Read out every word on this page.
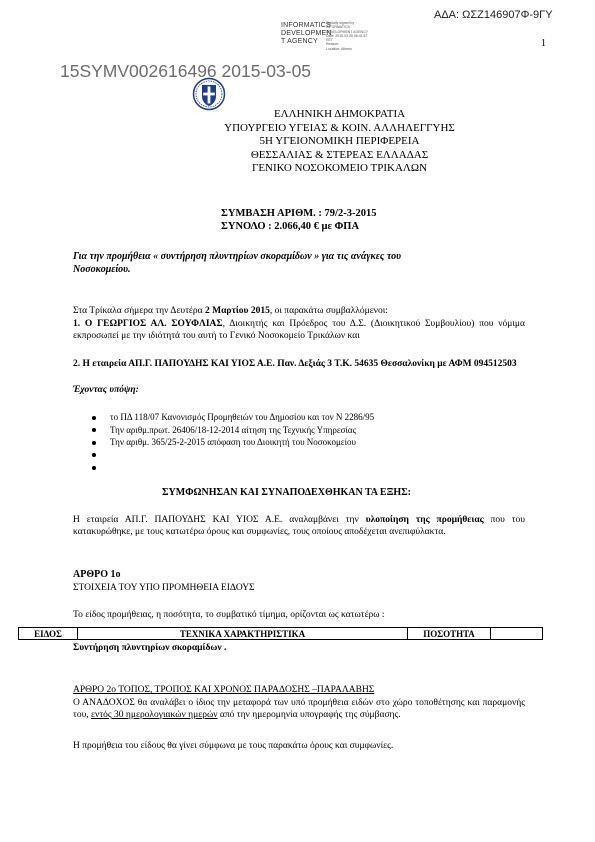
ΑΔΑ: ΩΣΖ146907Φ-9ΓΥ
1
INFORMATICS
DEVELOPMEN
T AGENCY
Digitally signed by
INFORMATICS
DEVELOPMENT AGENCY
Date: 2015.03.05 08:41:57
EET
Reason:
Location: Athens
15SYMV002616496 2015-03-05
ΕΛΛΗΝΙΚΗ ΔΗΜΟΚΡΑΤΙΑ
ΥΠΟΥΡΓΕΙΟ ΥΓΕΙΑΣ & ΚΟΙΝ. ΑΛΛΗΛΕΓΓΥΗΣ
5Η ΥΓΕΙΟΝΟΜΙΚΗ ΠΕΡΙΦΕΡΕΙΑ
ΘΕΣΣΑΛΙΑΣ & ΣΤΕΡΕΑΣ ΕΛΛΑΔΑΣ
ΓΕΝΙΚΟ ΝΟΣΟΚΟΜΕΙΟ ΤΡΙΚΑΛΩΝ
ΣΥΜΒΑΣΗ ΑΡΙΘΜ. : 79/2-3-2015
ΣΥΝΟΛΟ : 2.066,40 € με ΦΠΑ
Για την προμήθεια « συντήρηση πλυντηρίων σκοραμίδων » για τις ανάγκες του
Νοσοκομείου.
Στα Τρίκαλα σήμερα την Δευτέρα 2 Μαρτίου 2015, οι παρακάτω συμβαλλόμενοι:
1. Ο ΓΕΩΡΓΙΟΣ ΑΛ. ΣΟΥΦΛΙΑΣ, Διοικητής και Πρόεδρος του Δ.Σ. (Διοικητικού Συμβουλίου) που νόμιμα εκπροσωπεί με την ιδιότητά του αυτή το Γενικό Νοσοκομείο Τρικάλων και
2. Η εταιρεία ΑΠ.Γ. ΠΑΠΟΥΔΗΣ ΚΑΙ ΥΙΟΣ Α.Ε. Παν. Δεξιάς 3 Τ.Κ. 54635 Θεσσαλονίκη με ΑΦΜ 094512503
Έχοντας υπόψη:
το ΠΔ 118/07 Κανονισμός Προμηθειών του Δημοσίου και τον Ν 2286/95
Την αριθμ.πρωτ. 26406/18-12-2014 αίτηση της Τεχνικής Υπηρεσίας
Την αριθμ. 365/25-2-2015 απόφαση του Διοικητή του Νοσοκομείου
ΣΥΜΦΩΝΗΣΑΝ ΚΑΙ ΣΥΝΑΠΟΔΕΧΘΗΚΑΝ ΤΑ ΕΞΗΣ:
Η εταιρεία ΑΠ.Γ. ΠΑΠΟΥΔΗΣ ΚΑΙ ΥΙΟΣ Α.Ε. αναλαμβάνει την υλοποίηση της προμήθειας που του κατακυρώθηκε, με τους κατωτέρω όρους και συμφωνίες, τους οποίους αποδέχεται ανεπιφύλακτα.
ΑΡΘΡΟ 1ο
ΣΤΟΙΧΕΙΑ ΤΟΥ ΥΠΟ ΠΡΟΜΗΘΕΙΑ ΕΙΔΟΥΣ
Το είδος προμήθειας, η ποσότητα, το συμβατικό τίμημα, ορίζονται ως κατωτέρω :
ΕΙΔΟΣ	ΤΕΧΝΙΚΑ ΧΑΡΑΚΤΗΡΙΣΤΙΚΑ	ΠΟΣΟΤΗΤΑ	
Συντήρηση πλυντηρίων σκοραμίδων .
ΑΡΘΡΟ 2ο ΤΟΠΟΣ, ΤΡΟΠΟΣ ΚΑΙ ΧΡΟΝΟΣ ΠΑΡΑΔΟΣΗΣ –ΠΑΡΑΛΑΒΗΣ
Ο ΑΝΑΔΟΧΟΣ θα αναλάβει ο ίδιος την μεταφορά των υπό προμήθεια ειδών στο χώρο τοποθέτησης και παραμονής του, εντός 30 ημερολογιακών ημερών από την ημερομηνία υπογραφής της σύμβασης.
Η προμήθεια του είδους θα γίνει σύμφωνα με τους παρακάτω όρους και συμφωνίες.
